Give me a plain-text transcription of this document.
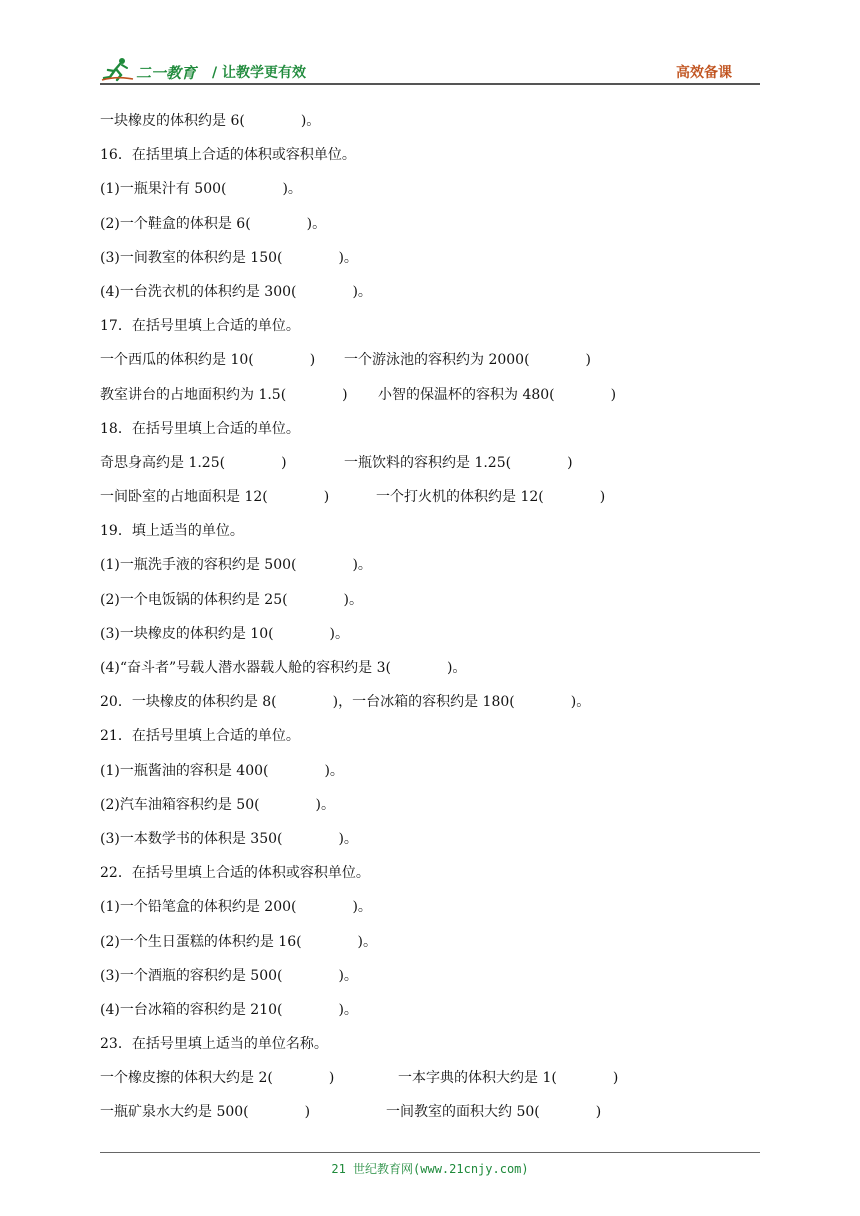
二一教育 / 让教学更有效	高效备课
一块橡皮的体积约是 6(　　　　)。
16．在括里填上合适的体积或容积单位。
(1)一瓶果汁有 500(　　　　)。
(2)一个鞋盒的体积是 6(　　　　)。
(3)一间教室的体积约是 150(　　　　)。
(4)一台洗衣机的体积约是 300(　　　　)。
17．在括号里填上合适的单位。
一个西瓜的体积约是 10(　　　　) 一个游泳池的容积约为 2000(　　　　)
教室讲台的占地面积约为 1.5(　　　　) 小智的保温杯的容积为 480(　　　　)
18．在括号里填上合适的单位。
奇思身高约是 1.25(　　　　)	一瓶饮料的容积约是 1.25(　　　　)
一间卧室的占地面积是 12(　　　　)	一个打火机的体积约是 12(　　　　)
19．填上适当的单位。
(1)一瓶洗手液的容积约是 500(　　　　)。
(2)一个电饭锅的体积约是 25(　　　　)。
(3)一块橡皮的体积约是 10(　　　　)。
(4)“奋斗者”号载人潜水器载人舱的容积约是 3(　　　　)。
20．一块橡皮的体积约是 8(　　　　)，一台冰箱的容积约是 180(　　　　)。
21．在括号里填上合适的单位。
(1)一瓶酱油的容积是 400(　　　　)。
(2)汽车油箱容积约是 50(　　　　)。
(3)一本数学书的体积是 350(　　　　)。
22．在括号里填上合适的体积或容积单位。
(1)一个铅笔盒的体积约是 200(　　　　)。
(2)一个生日蛋糕的体积约是 16(　　　　)。
(3)一个酒瓶的容积约是 500(　　　　)。
(4)一台冰箱的容积约是 210(　　　　)。
23．在括号里填上适当的单位名称。
一个橡皮擦的体积大约是 2(　　　　)	一本字典的体积大约是 1(　　　　)
一瓶矿泉水大约是 500(　　　　)	一间教室的面积大约 50(　　　　)
21 世纪教育网(www.21cnjy.com)
